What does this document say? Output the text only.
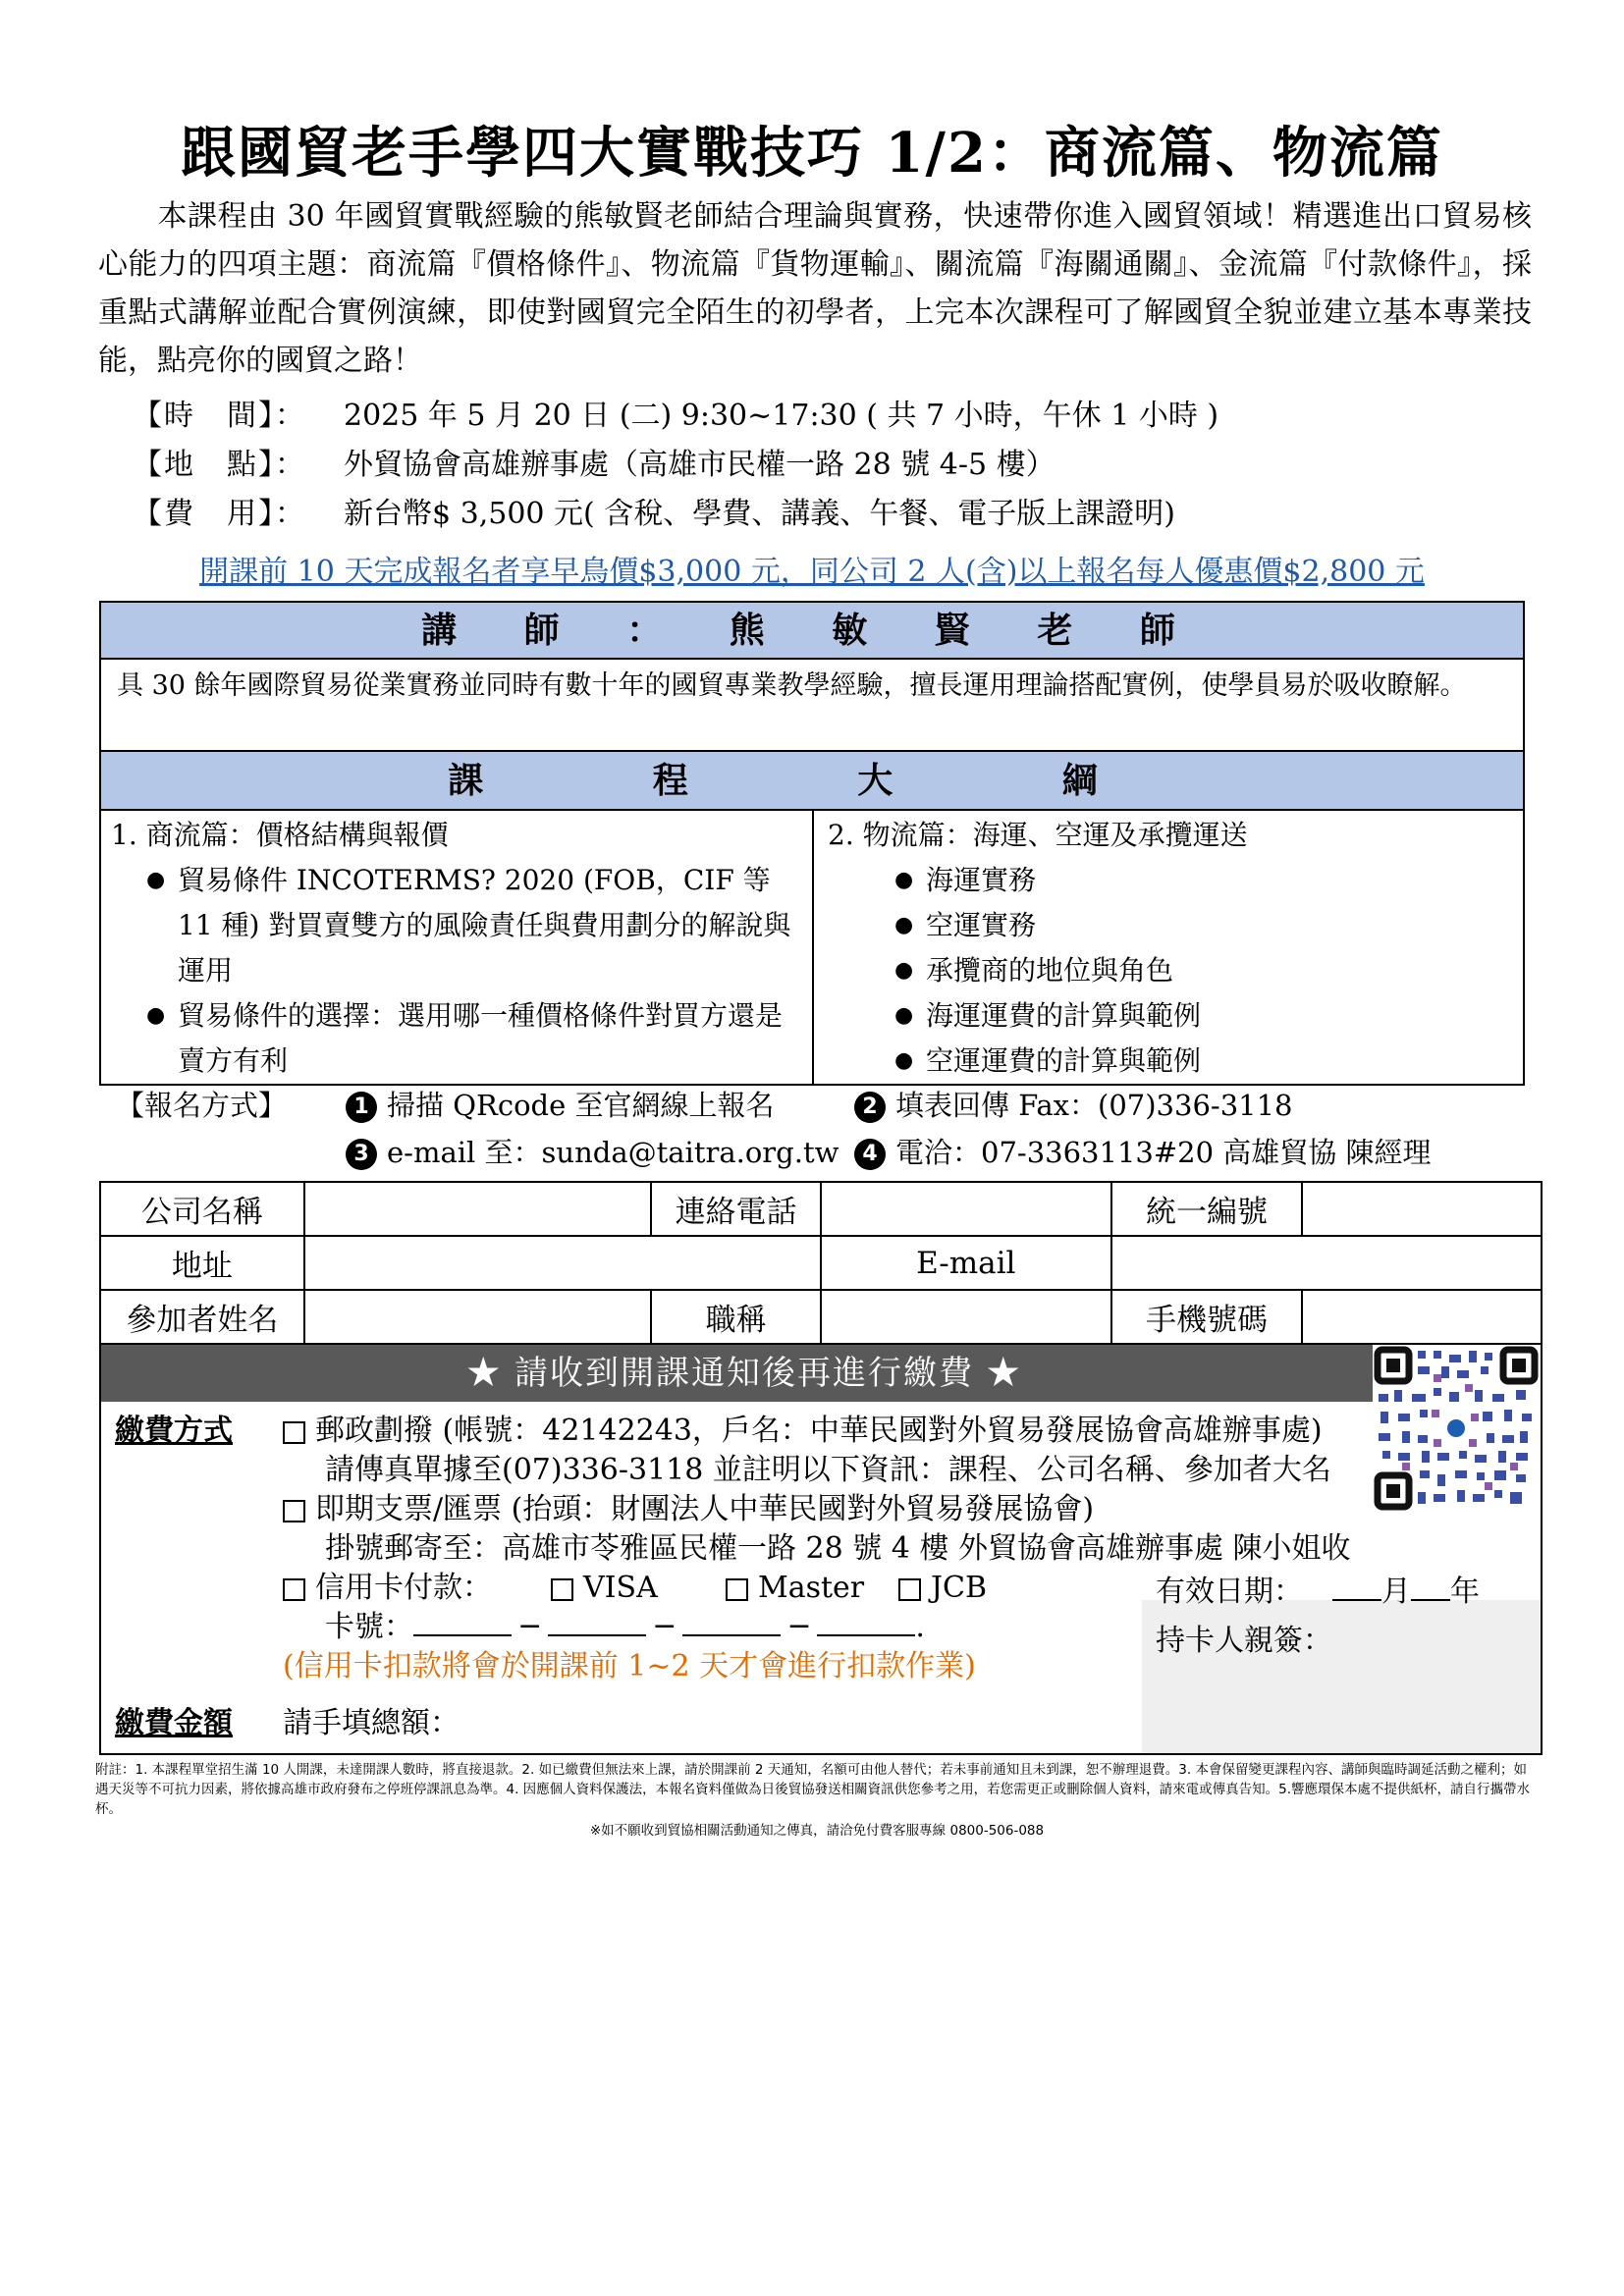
跟國貿老手學四大實戰技巧 1/2：商流篇、物流篇
本課程由 30 年國貿實戰經驗的熊敏賢老師結合理論與實務，快速帶你進入國貿領域！精選進出口貿易核心能力的四項主題：商流篇『價格條件』、物流篇『貨物運輸』、關流篇『海關通關』、金流篇『付款條件』，採重點式講解並配合實例演練，即使對國貿完全陌生的初學者，上完本次課程可了解國貿全貌並建立基本專業技能，點亮你的國貿之路！
【時　間】： 2025 年 5 月 20 日 (二) 9:30~17:30 ( 共 7 小時，午休 1 小時 )
【地　點】： 外貿協會高雄辦事處（高雄市民權一路 28 號 4-5 樓）
【費　用】： 新台幣$ 3,500 元( 含稅、學費、講義、午餐、電子版上課證明)
開課前 10 天完成報名者享早鳥價$3,000 元，同公司 2 人(含)以上報名每人優惠價$2,800 元
講 師 ： 熊 敏 賢 老 師
具 30 餘年國際貿易從業實務並同時有數十年的國貿專業教學經驗，擅長運用理論搭配實例，使學員易於吸收瞭解。
課 程 大 綱
1. 商流篇：價格結構與報價
● 貿易條件 INCOTERMS? 2020 (FOB，CIF 等 11 種) 對買賣雙方的風險責任與費用劃分的解說與運用
● 貿易條件的選擇：選用哪一種價格條件對買方還是賣方有利
2. 物流篇：海運、空運及承攬運送
● 海運實務
● 空運實務
● 承攬商的地位與角色
● 海運運費的計算與範例
● 空運運費的計算與範例
【報名方式】	1 掃描 QRcode 至官網線上報名	2 填表回傳 Fax：(07)336-3118
3 e-mail 至：sunda@taitra.org.tw	4 電洽：07-3363113#20 高雄貿協 陳經理
公司名稱		連絡電話		統一編號	
地址			E-mail		
參加者姓名		職稱		手機號碼	
★ 請收到開課通知後再進行繳費 ★
繳費方式	郵政劃撥 (帳號：42142243，戶名：中華民國對外貿易發展協會高雄辦事處)
請傳真單據至(07)336-3118 並註明以下資訊：課程、公司名稱、參加者大名
即期支票/匯票 (抬頭：財團法人中華民國對外貿易發展協會)
掛號郵寄至：高雄市苓雅區民權一路 28 號 4 樓 外貿協會高雄辦事處 陳小姐收
信用卡付款：	VISA	Master	JCB	有效日期：	月 年
卡號：	─	─	─	.	持卡人親簽：
(信用卡扣款將會於開課前 1~2 天才會進行扣款作業)
繳費金額 請手填總額：
附註：1. 本課程單堂招生滿 10 人開課，未達開課人數時，將直接退款。2. 如已繳費但無法來上課，請於開課前 2 天通知，名額可由他人替代；若未事前通知且未到課，恕不辦理退費。3. 本會保留變更課程內容、講師與臨時調延活動之權利；如遇天災等不可抗力因素，將依據高雄市政府發布之停班停課訊息為準。4. 因應個人資料保護法，本報名資料僅做為日後貿協發送相關資訊供您參考之用，若您需更正或刪除個人資料，請來電或傳真告知。5.響應環保本處不提供紙杯，請自行攜帶水杯。
※如不願收到貿協相關活動通知之傳真，請洽免付費客服專線 0800-506-088
